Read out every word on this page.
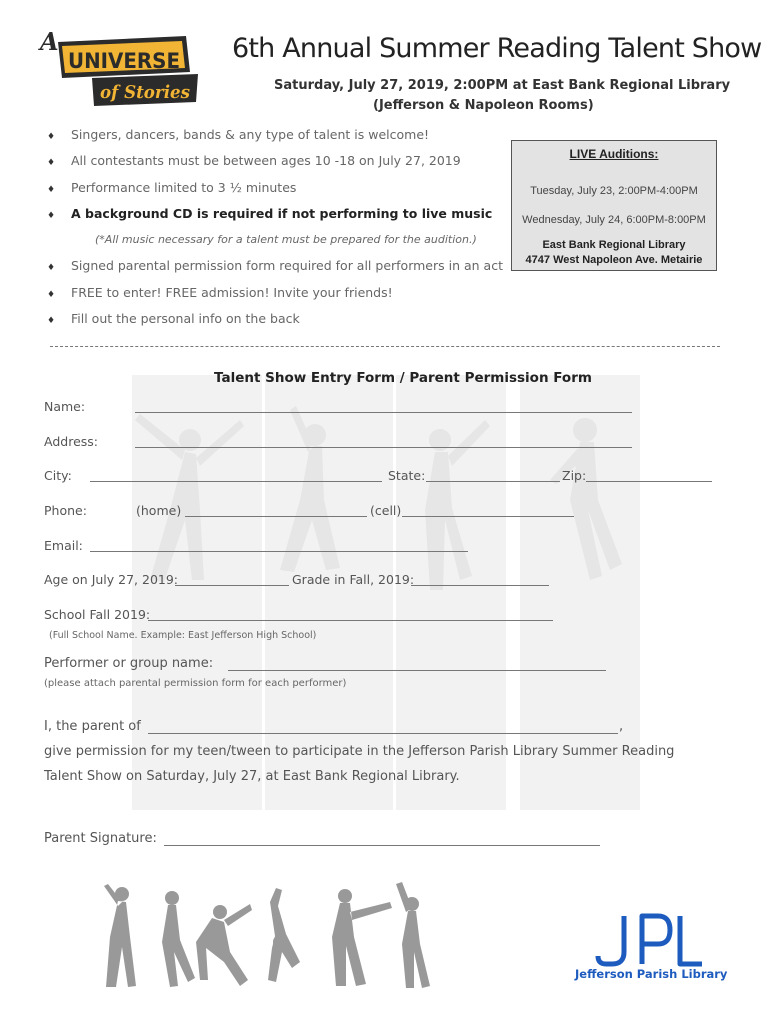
A
UNIVERSE
of Stories
6th Annual Summer Reading Talent Show
Saturday, July 27, 2019, 2:00PM at East Bank Regional Library
(Jefferson & Napoleon Rooms)
♦ Singers, dancers, bands & any type of talent is welcome!
♦ All contestants must be between ages 10 -18 on July 27, 2019
♦ Performance limited to 3 ½ minutes
♦ A background CD is required if not performing to live music
(*All music necessary for a talent must be prepared for the audition.)
♦ Signed parental permission form required for all performers in an act
♦ FREE to enter! FREE admission! Invite your friends!
♦ Fill out the personal info on the back
LIVE Auditions:
Tuesday, July 23, 2:00PM-4:00PM
Wednesday, July 24, 6:00PM-8:00PM
East Bank Regional Library
4747 West Napoleon Ave. Metairie
Talent Show Entry Form / Parent Permission Form
Name:
Address:
City:	State:	Zip:
Phone:	(home)	(cell)
Email:
Age on July 27, 2019:	Grade in Fall, 2019:
School Fall 2019:
(Full School Name. Example: East Jefferson High School)
Performer or group name:
(please attach parental permission form for each performer)
I, the parent of	,
give permission for my teen/tween to participate in the Jefferson Parish Library Summer Reading
Talent Show on Saturday, July 27, at East Bank Regional Library.
Parent Signature:
Jefferson Parish Library
